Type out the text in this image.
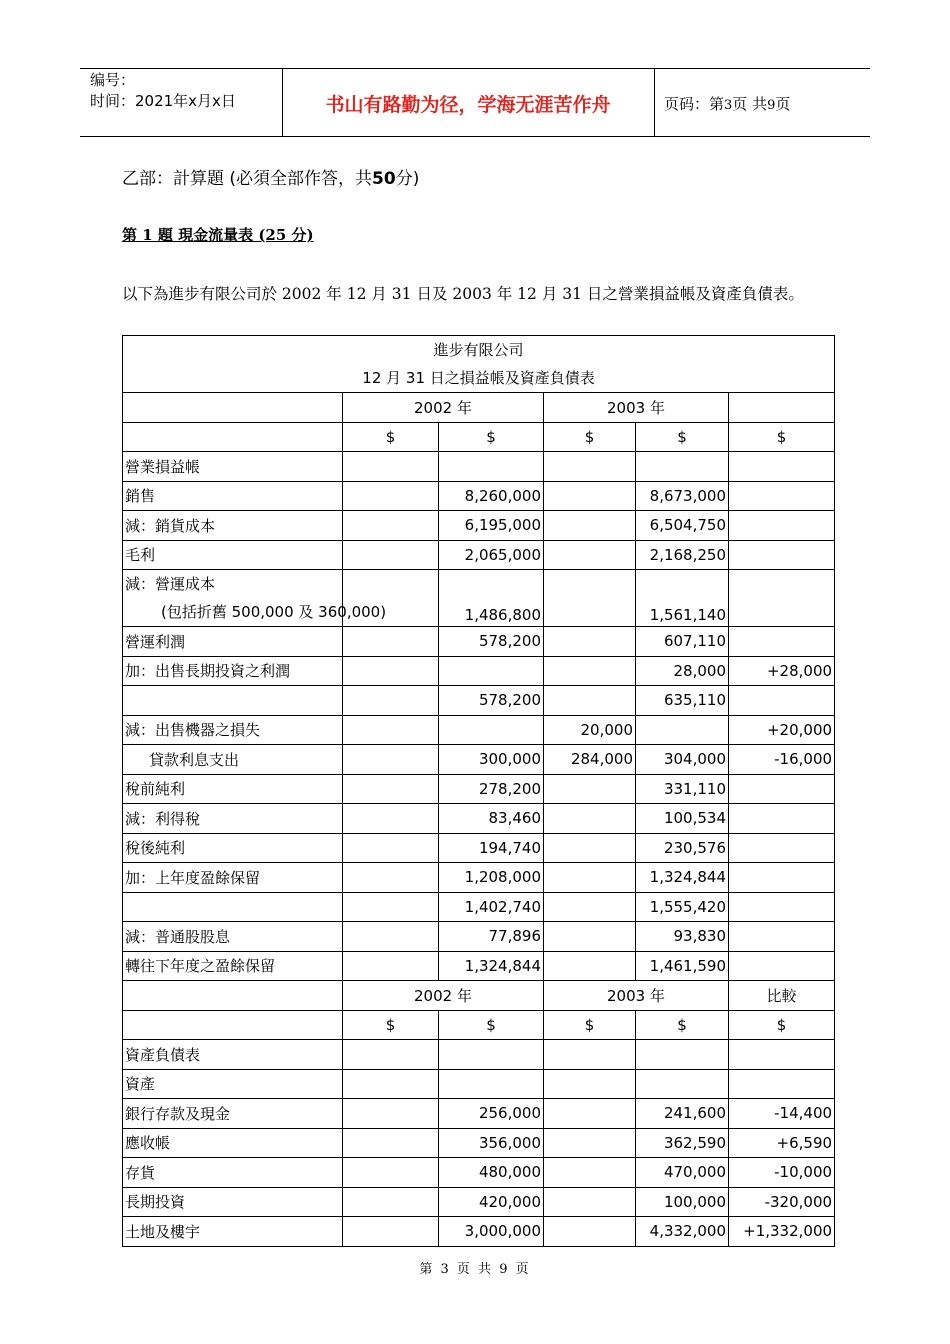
编号：
时间：2021年x月x日	书山有路勤为径，学海无涯苦作舟	页码：第3页 共9页
乙部：計算題 (必須全部作答，共50分)
第 1 題 現金流量表 (25 分)
以下為進步有限公司於 2002 年 12 月 31 日及 2003 年 12 月 31 日之營業損益帳及資產負債表。
進步有限公司
12 月 31 日之損益帳及資產負債表					

	2002 年		2003 年		
	$	$	$	$	$
營業損益帳					
銷售		8,260,000		8,673,000	
減：銷貨成本		6,195,000		6,504,750	
毛利		2,065,000		2,168,250	

減：營運成本
(包括折舊 500,000 及 360,000)		1,486,800		1,561,140	
營運利潤		578,200		607,110	
加：出售長期投資之利潤				28,000	+28,000
		578,200		635,110	
減：出售機器之損失			20,000		+20,000
貸款利息支出		300,000	284,000	304,000	-16,000
稅前純利		278,200		331,110	
減：利得稅		83,460		100,534	
稅後純利		194,740		230,576	
加：上年度盈餘保留		1,208,000		1,324,844	
		1,402,740		1,555,420	
減：普通股股息		77,896		93,830	
轉往下年度之盈餘保留		1,324,844		1,461,590	
	2002 年		2003 年		比較
	$	$	$	$	$
資產負債表					
資產					
銀行存款及現金		256,000		241,600	-14,400
應收帳		356,000		362,590	+6,590
存貨		480,000		470,000	-10,000
長期投資		420,000		100,000	-320,000
土地及樓宇		3,000,000		4,332,000	+1,332,000
第 3 页 共 9 页
